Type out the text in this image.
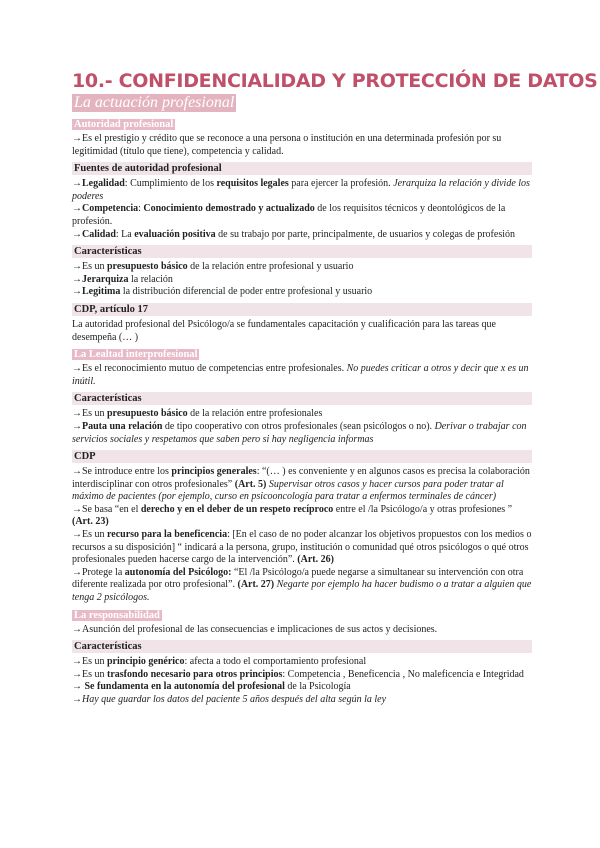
10.- CONFIDENCIALIDAD Y PROTECCIÓN DE DATOS
La actuación profesional
Autoridad profesional

→Es el prestigio y crédito que se reconoce a una persona o institución en una determinada profesión por su legitimidad (título que tiene), competencia y calidad.

Fuentes de autoridad profesional

→Legalidad: Cumplimiento de los requisitos legales para ejercer la profesión. Jerarquiza la relación y divide los poderes

→Competencia: Conocimiento demostrado y actualizado de los requisitos técnicos y deontológicos de la profesión.

→Calidad: La evaluación positiva de su trabajo por parte, principalmente, de usuarios y colegas de profesión

Características

→Es un presupuesto básico de la relación entre profesional y usuario

→Jerarquiza la relación

→Legitima la distribución diferencial de poder entre profesional y usuario

CDP, artículo 17

La autoridad profesional del Psicólogo/a se fundamentales capacitación y cualificación para las tareas que desempeña (… )

La Lealtad interprofesional

→Es el reconocimiento mutuo de competencias entre profesionales. No puedes criticar a otros y decir que x es un inútil.

Características

→Es un presupuesto básico de la relación entre profesionales

→Pauta una relación de tipo cooperativo con otros profesionales (sean psicólogos o no). Derivar o trabajar con servicios sociales y respetamos que saben pero si hay negligencia informas

CDP

→Se introduce entre los principios generales: “(… ) es conveniente y en algunos casos es precisa la colaboración interdisciplinar con otros profesionales” (Art. 5) Supervisar otros casos y hacer cursos para poder tratar al máximo de pacientes (por ejemplo, curso en psicooncología para tratar a enfermos terminales de cáncer)

→Se basa “en el derecho y en el deber de un respeto recíproco entre el /la Psicólogo/a y otras profesiones ” (Art. 23)

→Es un recurso para la beneficencia: [En el caso de no poder alcanzar los objetivos propuestos con los medios o recursos a su disposición] “ indicará a la persona, grupo, institución o comunidad qué otros psicólogos o qué otros profesionales pueden hacerse cargo de la intervención”. (Art. 26)

→Protege la autonomía del Psicólogo: “El /la Psicólogo/a puede negarse a simultanear su intervención con otra diferente realizada por otro profesional”. (Art. 27) Negarte por ejemplo ha hacer budismo o a tratar a alguien que tenga 2 psicólogos.

La responsabilidad

→Asunción del profesional de las consecuencias e implicaciones de sus actos y decisiones.

Características

→Es un principio genérico: afecta a todo el comportamiento profesional

→Es un trasfondo necesario para otros principios: Competencia , Beneficencia , No maleficencia e Integridad

→ Se fundamenta en la autonomía del profesional de la Psicología

→Hay que guardar los datos del paciente 5 años después del alta según la ley
